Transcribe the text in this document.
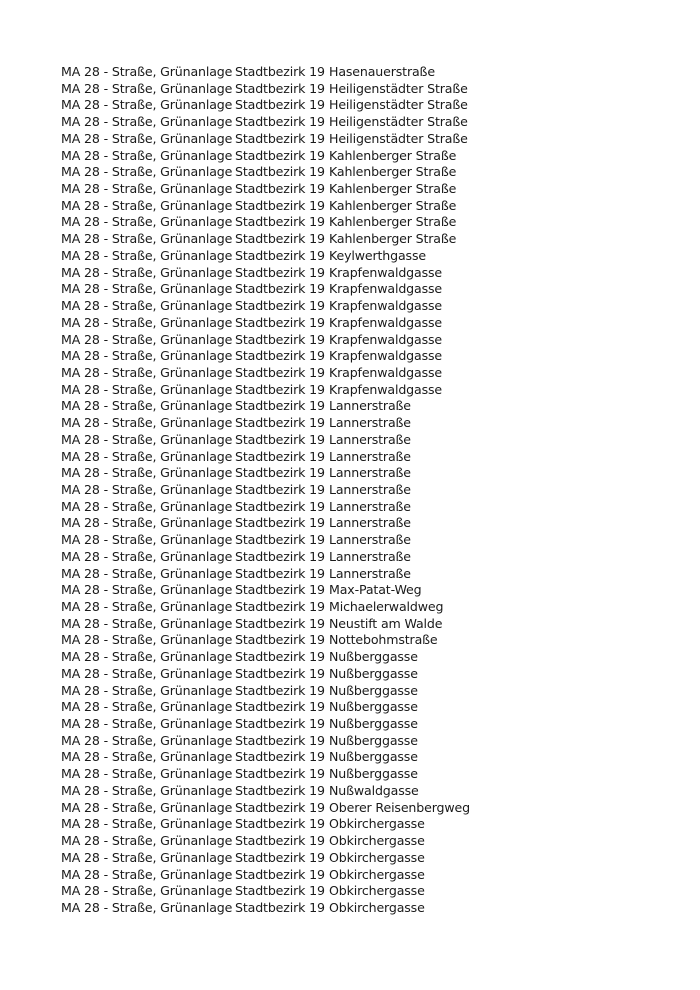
MA 28 - Straße, Grünanlage Stadtbezirk 19 Hasenauerstraße
MA 28 - Straße, Grünanlage Stadtbezirk 19 Heiligenstädter Straße
MA 28 - Straße, Grünanlage Stadtbezirk 19 Heiligenstädter Straße
MA 28 - Straße, Grünanlage Stadtbezirk 19 Heiligenstädter Straße
MA 28 - Straße, Grünanlage Stadtbezirk 19 Heiligenstädter Straße
MA 28 - Straße, Grünanlage Stadtbezirk 19 Kahlenberger Straße
MA 28 - Straße, Grünanlage Stadtbezirk 19 Kahlenberger Straße
MA 28 - Straße, Grünanlage Stadtbezirk 19 Kahlenberger Straße
MA 28 - Straße, Grünanlage Stadtbezirk 19 Kahlenberger Straße
MA 28 - Straße, Grünanlage Stadtbezirk 19 Kahlenberger Straße
MA 28 - Straße, Grünanlage Stadtbezirk 19 Kahlenberger Straße
MA 28 - Straße, Grünanlage Stadtbezirk 19 Keylwerthgasse
MA 28 - Straße, Grünanlage Stadtbezirk 19 Krapfenwaldgasse
MA 28 - Straße, Grünanlage Stadtbezirk 19 Krapfenwaldgasse
MA 28 - Straße, Grünanlage Stadtbezirk 19 Krapfenwaldgasse
MA 28 - Straße, Grünanlage Stadtbezirk 19 Krapfenwaldgasse
MA 28 - Straße, Grünanlage Stadtbezirk 19 Krapfenwaldgasse
MA 28 - Straße, Grünanlage Stadtbezirk 19 Krapfenwaldgasse
MA 28 - Straße, Grünanlage Stadtbezirk 19 Krapfenwaldgasse
MA 28 - Straße, Grünanlage Stadtbezirk 19 Krapfenwaldgasse
MA 28 - Straße, Grünanlage Stadtbezirk 19 Lannerstraße
MA 28 - Straße, Grünanlage Stadtbezirk 19 Lannerstraße
MA 28 - Straße, Grünanlage Stadtbezirk 19 Lannerstraße
MA 28 - Straße, Grünanlage Stadtbezirk 19 Lannerstraße
MA 28 - Straße, Grünanlage Stadtbezirk 19 Lannerstraße
MA 28 - Straße, Grünanlage Stadtbezirk 19 Lannerstraße
MA 28 - Straße, Grünanlage Stadtbezirk 19 Lannerstraße
MA 28 - Straße, Grünanlage Stadtbezirk 19 Lannerstraße
MA 28 - Straße, Grünanlage Stadtbezirk 19 Lannerstraße
MA 28 - Straße, Grünanlage Stadtbezirk 19 Lannerstraße
MA 28 - Straße, Grünanlage Stadtbezirk 19 Lannerstraße
MA 28 - Straße, Grünanlage Stadtbezirk 19 Max-Patat-Weg
MA 28 - Straße, Grünanlage Stadtbezirk 19 Michaelerwaldweg
MA 28 - Straße, Grünanlage Stadtbezirk 19 Neustift am Walde
MA 28 - Straße, Grünanlage Stadtbezirk 19 Nottebohmstraße
MA 28 - Straße, Grünanlage Stadtbezirk 19 Nußberggasse
MA 28 - Straße, Grünanlage Stadtbezirk 19 Nußberggasse
MA 28 - Straße, Grünanlage Stadtbezirk 19 Nußberggasse
MA 28 - Straße, Grünanlage Stadtbezirk 19 Nußberggasse
MA 28 - Straße, Grünanlage Stadtbezirk 19 Nußberggasse
MA 28 - Straße, Grünanlage Stadtbezirk 19 Nußberggasse
MA 28 - Straße, Grünanlage Stadtbezirk 19 Nußberggasse
MA 28 - Straße, Grünanlage Stadtbezirk 19 Nußberggasse
MA 28 - Straße, Grünanlage Stadtbezirk 19 Nußwaldgasse
MA 28 - Straße, Grünanlage Stadtbezirk 19 Oberer Reisenbergweg
MA 28 - Straße, Grünanlage Stadtbezirk 19 Obkirchergasse
MA 28 - Straße, Grünanlage Stadtbezirk 19 Obkirchergasse
MA 28 - Straße, Grünanlage Stadtbezirk 19 Obkirchergasse
MA 28 - Straße, Grünanlage Stadtbezirk 19 Obkirchergasse
MA 28 - Straße, Grünanlage Stadtbezirk 19 Obkirchergasse
MA 28 - Straße, Grünanlage Stadtbezirk 19 Obkirchergasse
